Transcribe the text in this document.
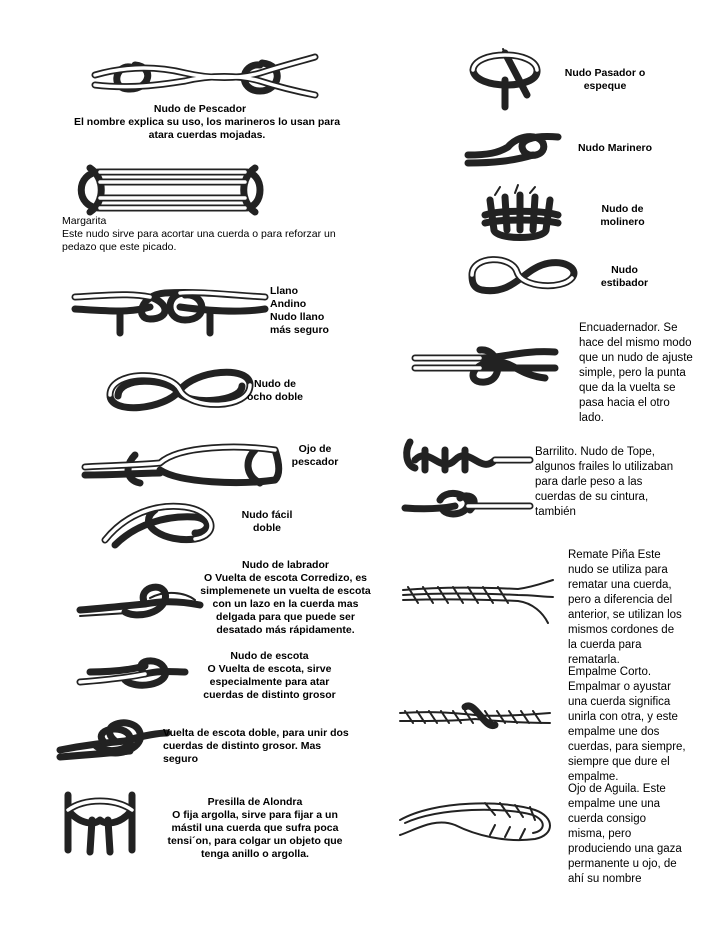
Nudo de Pescador
El nombre explica su uso, los marineros lo usan para
atara cuerdas mojadas.
Margarita
Este nudo sirve para acortar una cuerda o para reforzar un
pedazo que este picado.
Llano
Andino
Nudo llano
más seguro
Nudo de
ocho doble
Ojo de
pescador
Nudo fácil
doble
Nudo de labrador
O Vuelta de escota Corredizo, es
simplemenete un vuelta de escota
con un lazo en la cuerda mas
delgada para que puede ser
desatado más rápidamente.
Nudo de escota
O Vuelta de escota, sirve
especialmente para atar
cuerdas de distinto grosor
Vuelta de escota doble, para unir dos
cuerdas de distinto grosor. Mas
seguro
Presilla de Alondra
O fija argolla, sirve para fijar a un
mástil una cuerda que sufra poca
tensi´on, para colgar un objeto que
tenga anillo o argolla.
Nudo Pasador o
espeque
Nudo Marinero
Nudo de
molinero
Nudo
estibador
Encuadernador. Se
hace del mismo modo
que un nudo de ajuste
simple, pero la punta
que da la vuelta se
pasa hacia el otro
lado.
Barrilito. Nudo de Tope,
algunos frailes lo utilizaban
para darle peso a las
cuerdas de su cintura,
también
Remate Piña Este
nudo se utiliza para
rematar una cuerda,
pero a diferencia del
anterior, se utilizan los
mismos cordones de
la cuerda para
rematarla.
Empalme Corto.
Empalmar o ayustar
una cuerda significa
unirla con otra, y este
empalme une dos
cuerdas, para siempre,
siempre que dure el
empalme.
Ojo de Aguila. Este
empalme une una
cuerda consigo
misma, pero
produciendo una gaza
permanente u ojo, de
ahí su nombre
